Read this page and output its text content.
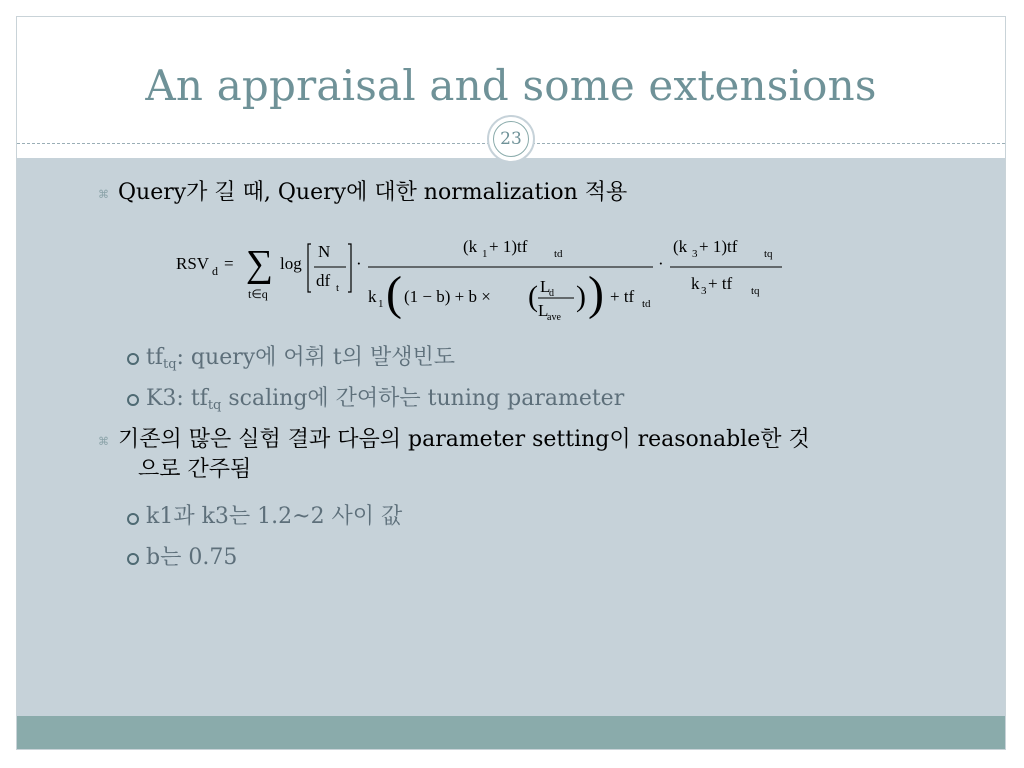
An appraisal and some extensions
23
⌘ Query가 길 때, Query에 대한 normalization 적용
RSV d = ∑
t∈q
log
N
df t
·
(k 1 + 1)tf td
k 1 ( (1 − b) + b × ( L
d
L
ave
) ) + tf td
·
(k 3 + 1)tf tq
k 3 + tf tq
$tf_{tq}$: query에 어휘 t의 발생빈도
K3: $tf_{tq}$ scaling에 간여하는 tuning parameter
⌘ 기존의 많은 실험 결과 다음의 parameter setting이 reasonable한 것
으로 간주됨
k1과 k3는 1.2~2 사이 값
b는 0.75
